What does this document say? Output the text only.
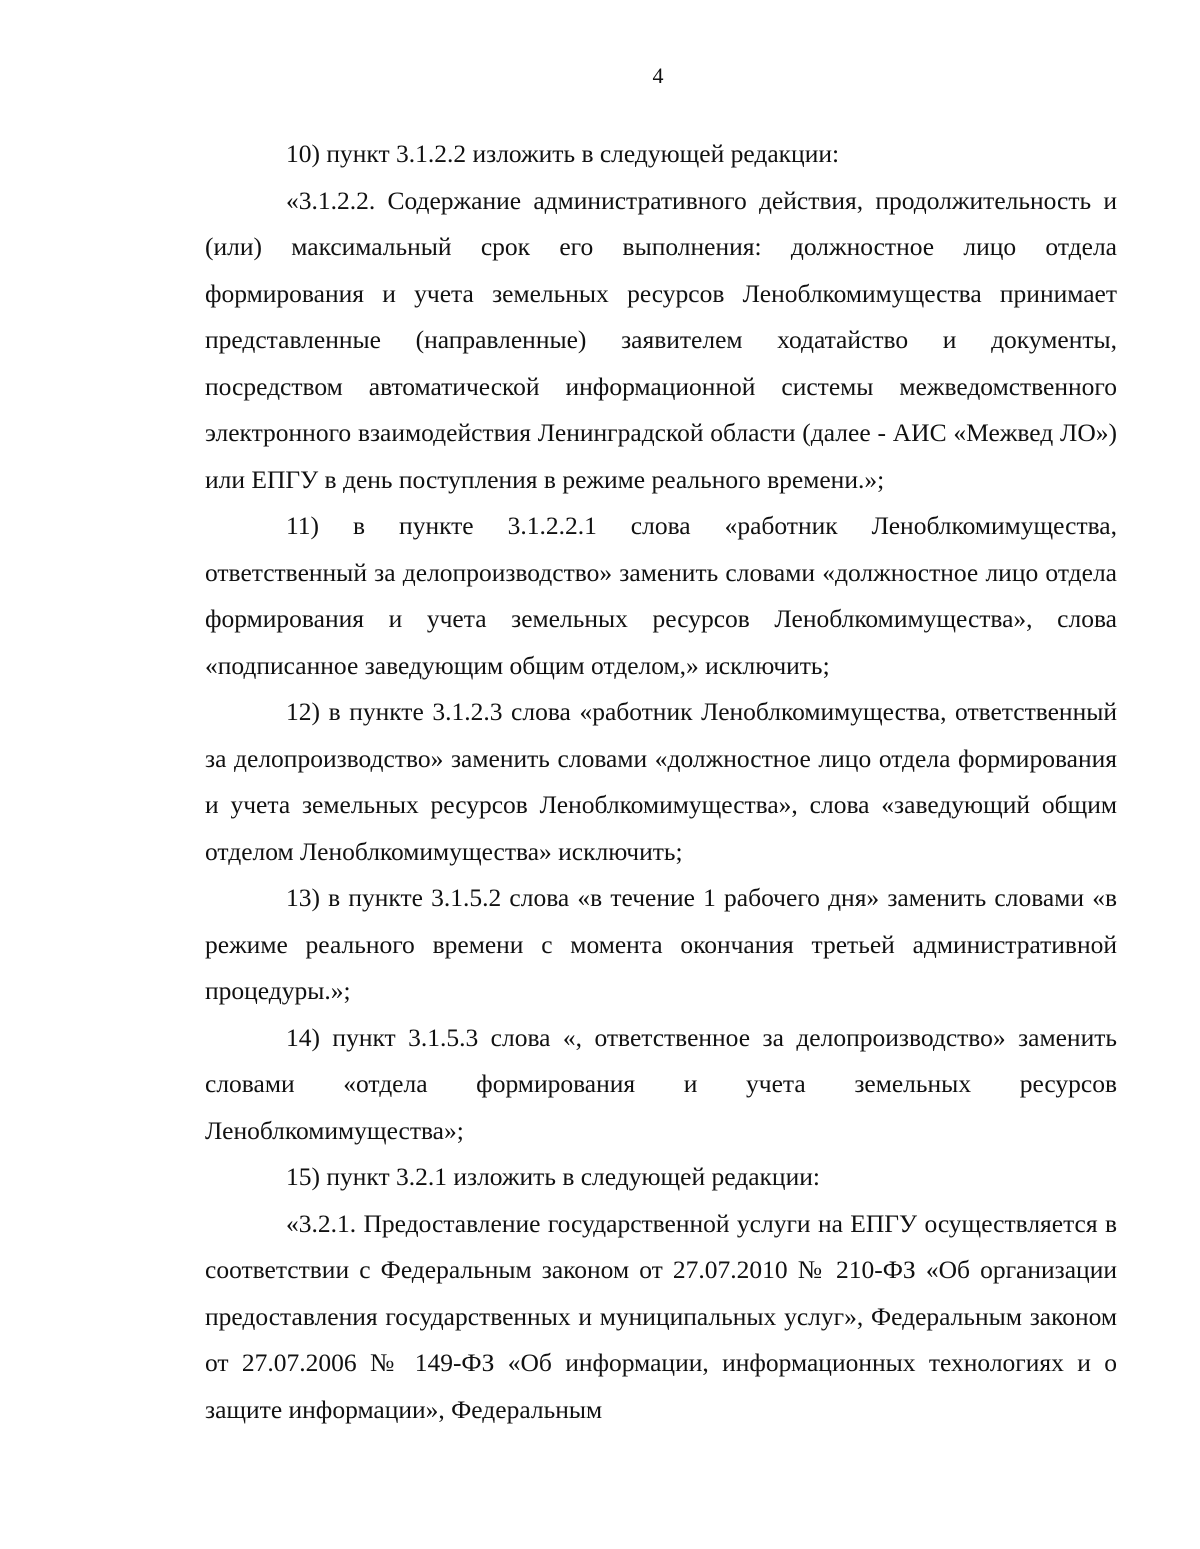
4

10) пункт 3.1.2.2 изложить в следующей редакции:

«3.1.2.2. Содержание административного действия, продолжительность и (или) максимальный срок его выполнения: должностное лицо отдела формирования и учета земельных ресурсов Леноблкомимущества принимает представленные (направленные) заявителем ходатайство и документы, посредством автоматической информационной системы межведомственного электронного взаимодействия Ленинградской области (далее - АИС «Межвед ЛО») или ЕПГУ в день поступления в режиме реального времени.»;

11) в пункте 3.1.2.2.1 слова «работник Леноблкомимущества, ответственный за делопроизводство» заменить словами «должностное лицо отдела формирования и учета земельных ресурсов Леноблкомимущества», слова «подписанное заведующим общим отделом,» исключить;

12) в пункте 3.1.2.3 слова «работник Леноблкомимущества, ответственный за делопроизводство» заменить словами «должностное лицо отдела формирования и учета земельных ресурсов Леноблкомимущества», слова «заведующий общим отделом Леноблкомимущества» исключить;

13) в пункте 3.1.5.2 слова «в течение 1 рабочего дня» заменить словами «в режиме реального времени с момента окончания третьей административной процедуры.»;

14) пункт 3.1.5.3 слова «, ответственное за делопроизводство» заменить словами «отдела формирования и учета земельных ресурсов Леноблкомимущества»;

15) пункт 3.2.1 изложить в следующей редакции:

«3.2.1. Предоставление государственной услуги на ЕПГУ осуществляется в соответствии с Федеральным законом от 27.07.2010 № 210-ФЗ «Об организации предоставления государственных и муниципальных услуг», Федеральным законом от 27.07.2006 № 149-ФЗ «Об информации, информационных технологиях и о защите информации», Федеральным
